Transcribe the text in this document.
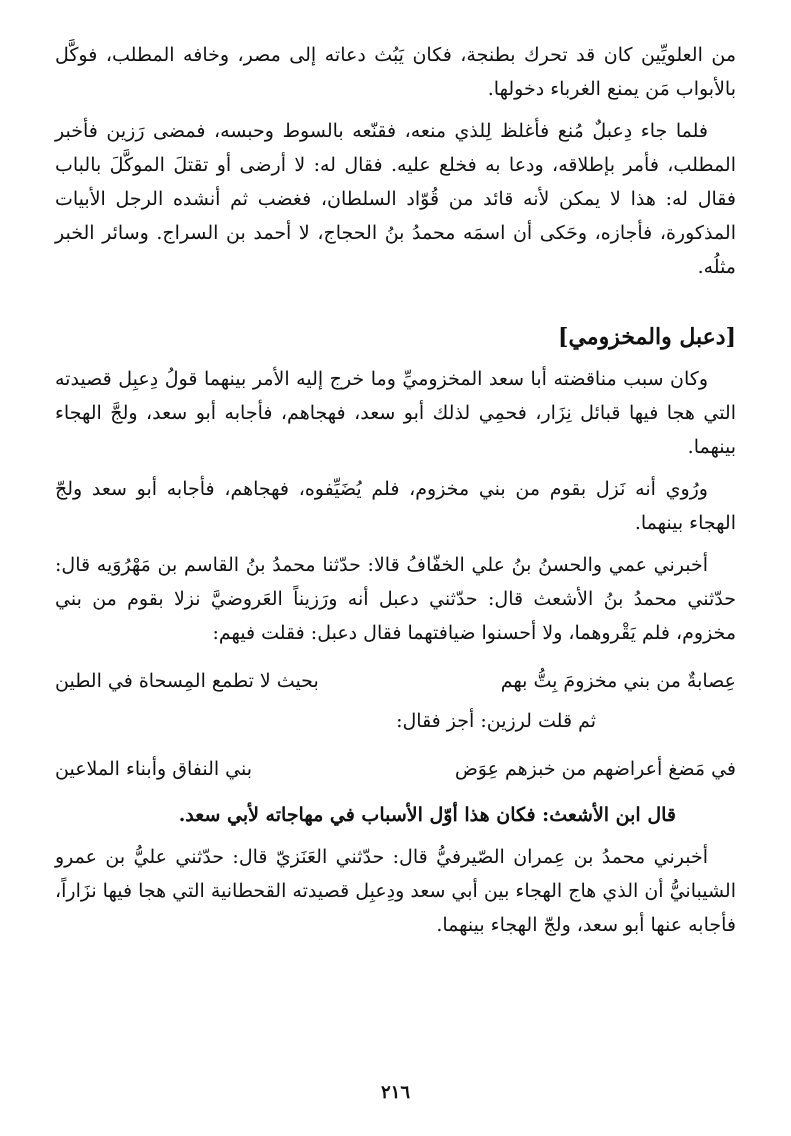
من العلويِّين كان قد تحرك بطنجة، فكان يَبُث دعاته إلى مصر، وخافه المطلب، فوكَّل بالأبواب مَن يمنع الغرباء دخولها.

فلما جاء دِعبلٌ مُنع فأغلظ لِلذي منعه، فقنّعه بالسوط وحبسه، فمضى رَزين فأخبر المطلب، فأمر بإطلاقه، ودعا به فخلع عليه. فقال له: لا أرضى أو تقتلَ الموكَّلَ بالباب فقال له: هذا لا يمكن لأنه قائد من قُوّاد السلطان، فغضب ثم أنشده الرجل الأبيات المذكورة، فأجازه، وحَكى أن اسمَه محمدُ بنُ الحجاج، لا أحمد بن السراج. وسائر الخبر مثلُه.

[دعبل والمخزومي]

وكان سبب مناقضته أبا سعد المخزوميِّ وما خرج إليه الأمر بينهما قولُ دِعبِل قصيدته التي هجا فيها قبائل نِزَار، فحمِي لذلك أبو سعد، فهجاهم، فأجابه أبو سعد، ولجَّ الهجاء بينهما.

ورُوي أنه نَزل بقوم من بني مخزوم، فلم يُضَيِّفوه، فهجاهم، فأجابه أبو سعد ولجّ الهجاء بينهما.

أخبرني عمي والحسنُ بنُ علي الخفّافُ قالا: حدّثنا محمدُ بنُ القاسم بن مَهْرُوَيه قال: حدّثني محمدُ بنُ الأشعث قال: حدّثني دعبل أنه ورَزيناً العَروضيَّ نزلا بقوم من بني مخزوم، فلم يَقْروهما، ولا أحسنوا ضيافتهما فقال دعبل: فقلت فيهم:

عِصابةٌ من بني مخزومَ بِتُّ بهم
بحيث لا تطمع المِسحاة في الطين

ثم قلت لرزين: أجز فقال:

في مَضغ أعراضهم من خبزهم عِوَض
بني النفاق وأبناء الملاعين

قال ابن الأشعث: فكان هذا أوّل الأسباب في مهاجاته لأبي سعد.

أخبرني محمدُ بن عِمران الصّيرفيُّ قال: حدّثني العَنَزيّ قال: حدّثني عليُّ بن عمرو الشيبانيُّ أن الذي هاج الهجاء بين أبي سعد ودِعبِل قصيدته القحطانية التي هجا فيها نزَاراً، فأجابه عنها أبو سعد، ولجّ الهجاء بينهما.

٢١٦
